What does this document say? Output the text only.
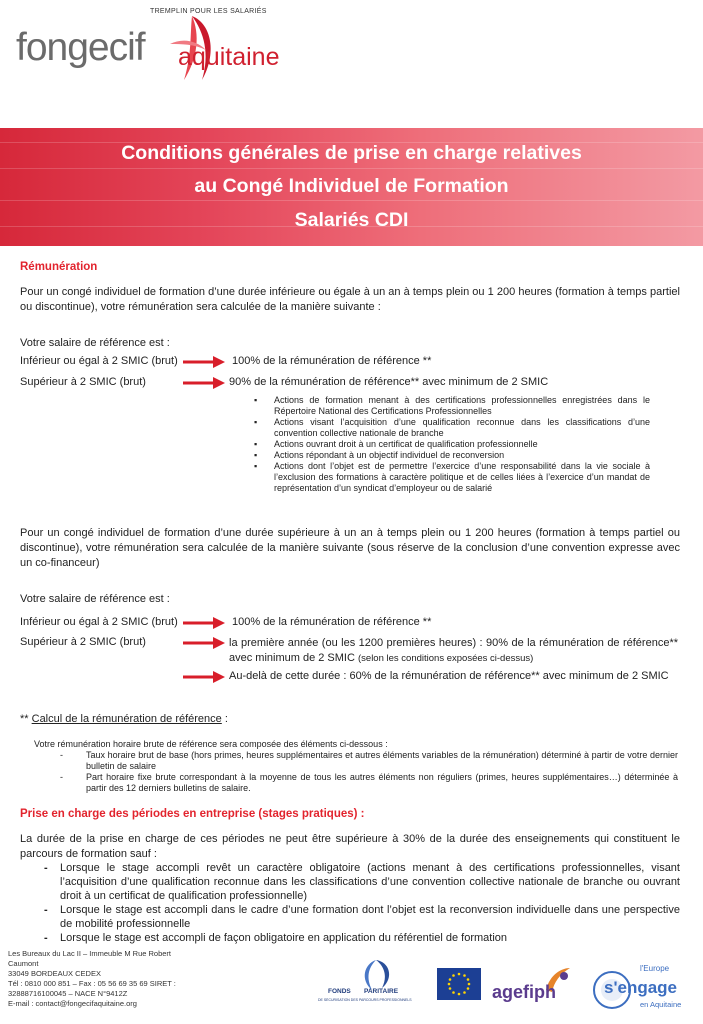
TREMPLIN POUR LES SALARIÉS
fongecif aquitaine
Conditions générales de prise en charge relatives
au Congé Individuel de Formation
Salariés CDI
Rémunération
Pour un congé individuel de formation d’une durée inférieure ou égale à un an à temps plein ou 1 200 heures (formation à temps partiel ou discontinue), votre rémunération sera calculée de la manière suivante :
Votre salaire de référence est :
Inférieur ou égal à 2 SMIC (brut)	100% de la rémunération de référence **
Supérieur à 2 SMIC (brut)	90% de la rémunération de référence** avec minimum de 2 SMIC
▪ Actions de formation menant à des certifications professionnelles enregistrées dans le Répertoire National des Certifications Professionnelles
▪ Actions visant l’acquisition d’une qualification reconnue dans les classifications d’une convention collective nationale de branche
▪ Actions ouvrant droit à un certificat de qualification professionnelle
▪ Actions répondant à un objectif individuel de reconversion
▪ Actions dont l’objet est de permettre l’exercice d’une responsabilité dans la vie sociale à l’exclusion des formations à caractère politique et de celles liées à l’exercice d’un mandat de représentation d’un syndicat d’employeur ou de salarié
Pour un congé individuel de formation d’une durée supérieure à un an à temps plein ou 1 200 heures (formation à temps partiel ou discontinue), votre rémunération sera calculée de la manière suivante (sous réserve de la conclusion d’une convention expresse avec un co-financeur)
Votre salaire de référence est :
Inférieur ou égal à 2 SMIC (brut)	100% de la rémunération de référence **
Supérieur à 2 SMIC (brut)	la première année (ou les 1200 premières heures) : 90% de la rémunération de référence** avec minimum de 2 SMIC (selon les conditions exposées ci-dessus)
Au-delà de cette durée : 60% de la rémunération de référence** avec minimum de 2 SMIC
** Calcul de la rémunération de référence :
Votre rémunération horaire brute de référence sera composée des éléments ci-dessous :
- Taux horaire brut de base (hors primes, heures supplémentaires et autres éléments variables de la rémunération) déterminé à partir de votre dernier bulletin de salaire
- Part horaire fixe brute correspondant à la moyenne de tous les autres éléments non réguliers (primes, heures supplémentaires…) déterminée à partir des 12 derniers bulletins de salaire.
Prise en charge des périodes en entreprise (stages pratiques) :
La durée de la prise en charge de ces périodes ne peut être supérieure à 30% de la durée des enseignements qui constituent le parcours de formation sauf :
- Lorsque le stage accompli revêt un caractère obligatoire (actions menant à des certifications professionnelles, visant l’acquisition d’une qualification reconnue dans les classifications d’une convention collective nationale de branche ou ouvrant droit à un certificat de qualification professionnelle)
- Lorsque le stage est accompli dans le cadre d’une formation dont l’objet est la reconversion individuelle dans une perspective de mobilité professionnelle
- Lorsque le stage est accompli de façon obligatoire en application du référentiel de formation
Les Bureaux du Lac II – Immeuble M Rue Robert
Caumont
33049 BORDEAUX CEDEX
Tél : 0810 000 851 – Fax : 05 56 69 35 69 SIRET :
32888716100045 – NACE N°9412Z
E-mail : contact@fongecifaquitaine.org
FONDS PARITAIRE
DE SÉCURISATION DES PARCOURS PROFESSIONNELS	agefiph
l'Europe
s'engage
en Aquitaine
